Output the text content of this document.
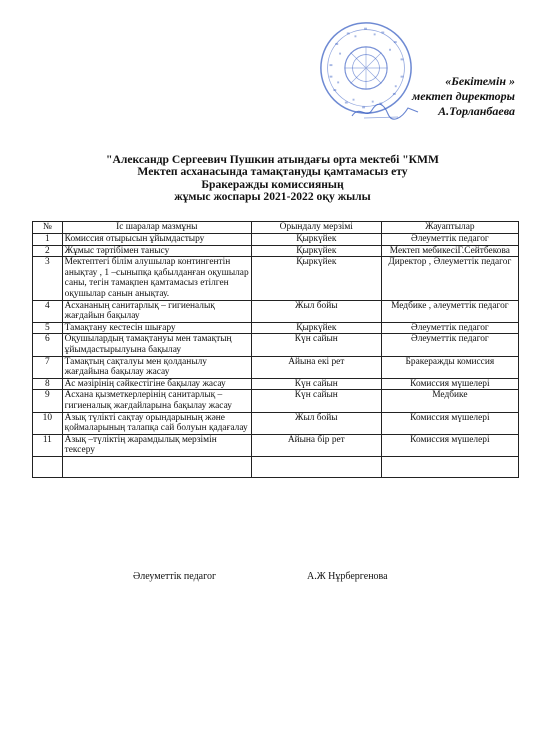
«Бекітемін »
мектеп директоры
А.Торланбаева
"Александр Сергеевич Пушкин атындағы орта мектебі "КММ
Мектеп асханасында тамақтануды қамтамасыз ету
Бракеражды комиссияның
жұмыс жоспары 2021-2022 оқу жылы
№	Іс шаралар мазмұны	Орындалу мерзімі	Жауаптылар
1	Комиссия отырысын ұйымдастыру	Қыркүйек	Әлеуметтік педагог
2	Жұмыс тәртібімен танысу	Қыркүйек	Мектеп мебикесіГ.Сейтбекова
3	Мектептегі білім алушылар контингентін анықтау , 1 –сыныпқа қабылданған оқушылар саны, тегін тамақпен қамтамасыз етілген оқушылар санын анықтау.	Қыркүйек	Директор , Әлеуметтік педагог
4	Асхананың санитарлық – гигиеналық жағдайын бақылау	Жыл бойы	Медбике , әлеуметтік педагог
5	Тамақтану кестесін шығару	Қыркүйек	Әлеуметтік педагог
6	Оқушылардың тамақтануы мен тамақтың ұйымдастырылуына бақылау	Күн сайын	Әлеуметтік педагог
7	Тамақтың сақталуы мен қолданылу жағдайына бақылау жасау	Айына екі рет	Бракеражды комиссия
8	Ас мәзірінің сәйкестігіне бақылау жасау	Күн сайын	Комиссия мүшелері
9	Асхана қызметкерлерінің санитарлық – гигиеналық жағдайларына бақылау жасау	Күн сайын	Медбике
10	Азық түлікті сақтау орындарының және қоймаларының талапқа сай болуын қадағалау	Жыл бойы	Комиссия мүшелері
11	Азық –түліктің жарамдылық мерзімін тексеру	Айына бір рет	Комиссия мүшелері

Әлеуметтік педагог	А.Ж Нұрбергенова
